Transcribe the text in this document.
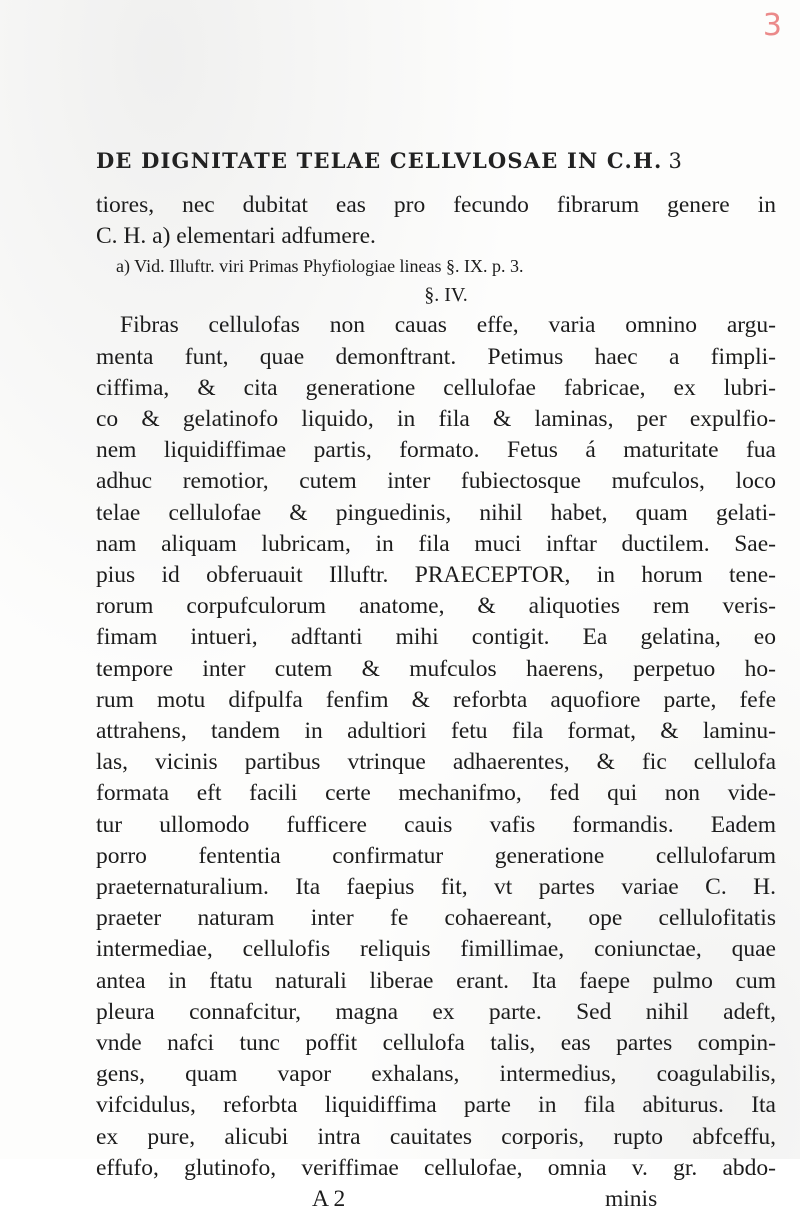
3
DE DIGNITATE TELAE CELLVLOSAE IN C.H. 3
tiores, nec dubitat eas pro fecundo fibrarum genere in
C. H. a) elementari adfumere.
a) Vid. Illuftr. viri Primas Phyfiologiae lineas §. IX. p. 3.
§. IV.
Fibras cellulofas non cauas effe, varia omnino argu-
menta funt, quae demonftrant. Petimus haec a fimpli-
ciffima, & cita generatione cellulofae fabricae, ex lubri-
co & gelatinofo liquido, in fila & laminas, per expulfio-
nem liquidiffimae partis, formato. Fetus á maturitate fua
adhuc remotior, cutem inter fubiectosque mufculos, loco
telae cellulofae & pinguedinis, nihil habet, quam gelati-
nam aliquam lubricam, in fila muci inftar ductilem. Sae-
pius id obferuauit Illuftr. PRAECEPTOR, in horum tene-
rorum corpufculorum anatome, & aliquoties rem veris-
fimam intueri, adftanti mihi contigit. Ea gelatina, eo
tempore inter cutem & mufculos haerens, perpetuo ho-
rum motu difpulfa fenfim & reforbta aquofiore parte, fefe
attrahens, tandem in adultiori fetu fila format, & laminu-
las, vicinis partibus vtrinque adhaerentes, & fic cellulofa
formata eft facili certe mechanifmo, fed qui non vide-
tur ullomodo fufficere cauis vafis formandis. Eadem
porro fententia confirmatur generatione cellulofarum
praeternaturalium. Ita faepius fit, vt partes variae C. H.
praeter naturam inter fe cohaereant, ope cellulofitatis
intermediae, cellulofis reliquis fimillimae, coniunctae, quae
antea in ftatu naturali liberae erant. Ita faepe pulmo cum
pleura connafcitur, magna ex parte. Sed nihil adeft,
vnde nafci tunc poffit cellulofa talis, eas partes compin-
gens, quam vapor exhalans, intermedius, coagulabilis,
vifcidulus, reforbta liquidiffima parte in fila abiturus. Ita
ex pure, alicubi intra cauitates corporis, rupto abfceffu,
effufo, glutinofo, veriffimae cellulofae, omnia v. gr. abdo-
A 2	minis
